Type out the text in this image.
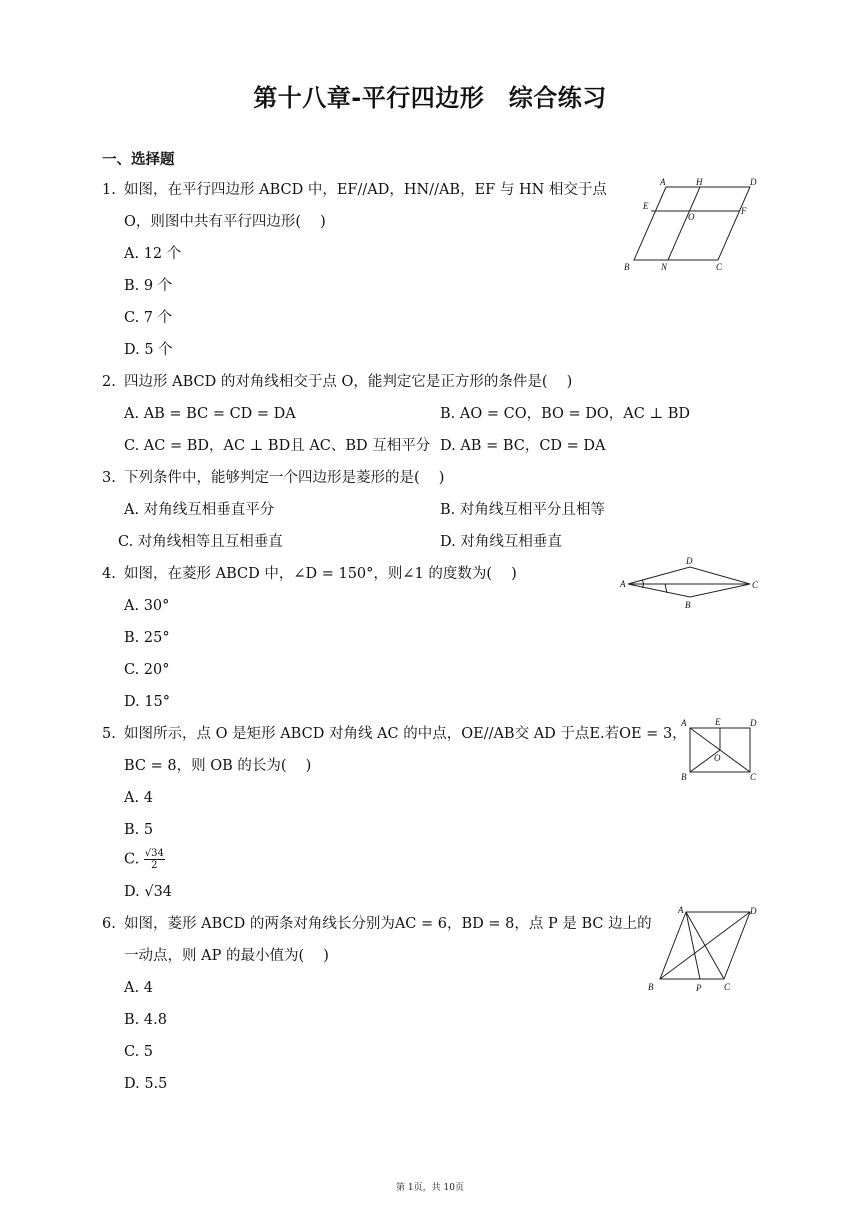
第十八章-平行四边形　综合练习
一、选择题
1. 如图，在平行四边形 ABCD 中，EF//AD，HN//AB，EF 与 HN 相交于点
O，则图中共有平行四边形(　 )
A. 12 个
B. 9 个
C. 7 个
D. 5 个
A	H	D
E
O
F
B	N	C
2. 四边形 ABCD 的对角线相交于点 O，能判定它是正方形的条件是(　 )
A. AB = BC = CD = DA	B. AO = CO，BO = DO，AC ⊥ BD
C. AC = BD，AC ⊥ BD且 AC、BD 互相平分 D. AB = BC，CD = DA
3. 下列条件中，能够判定一个四边形是菱形的是(　 )
A. 对角线互相垂直平分	B. 对角线互相平分且相等
C. 对角线相等且互相垂直	D. 对角线互相垂直
4. 如图，在菱形 ABCD 中，∠D = 150°，则∠1 的度数为(　 )
A. 30°
B. 25°
C. 20°
D. 15°
D
A	C
B
5. 如图所示，点 O 是矩形 ABCD 对角线 AC 的中点，OE//AB交 AD 于点E.若OE = 3，
BC = 8，则 OB 的长为(　 )
A. 4
B. 5
C. $\frac{√34}{2}$
D. √34
A	E	D
O
B	C
6. 如图，菱形 ABCD 的两条对角线长分别为AC = 6，BD = 8，点 P 是 BC 边上的
一动点，则 AP 的最小值为(　 )
A. 4
B. 4.8
C. 5
D. 5.5
A	D
B	P	C
第 1页，共 10页
